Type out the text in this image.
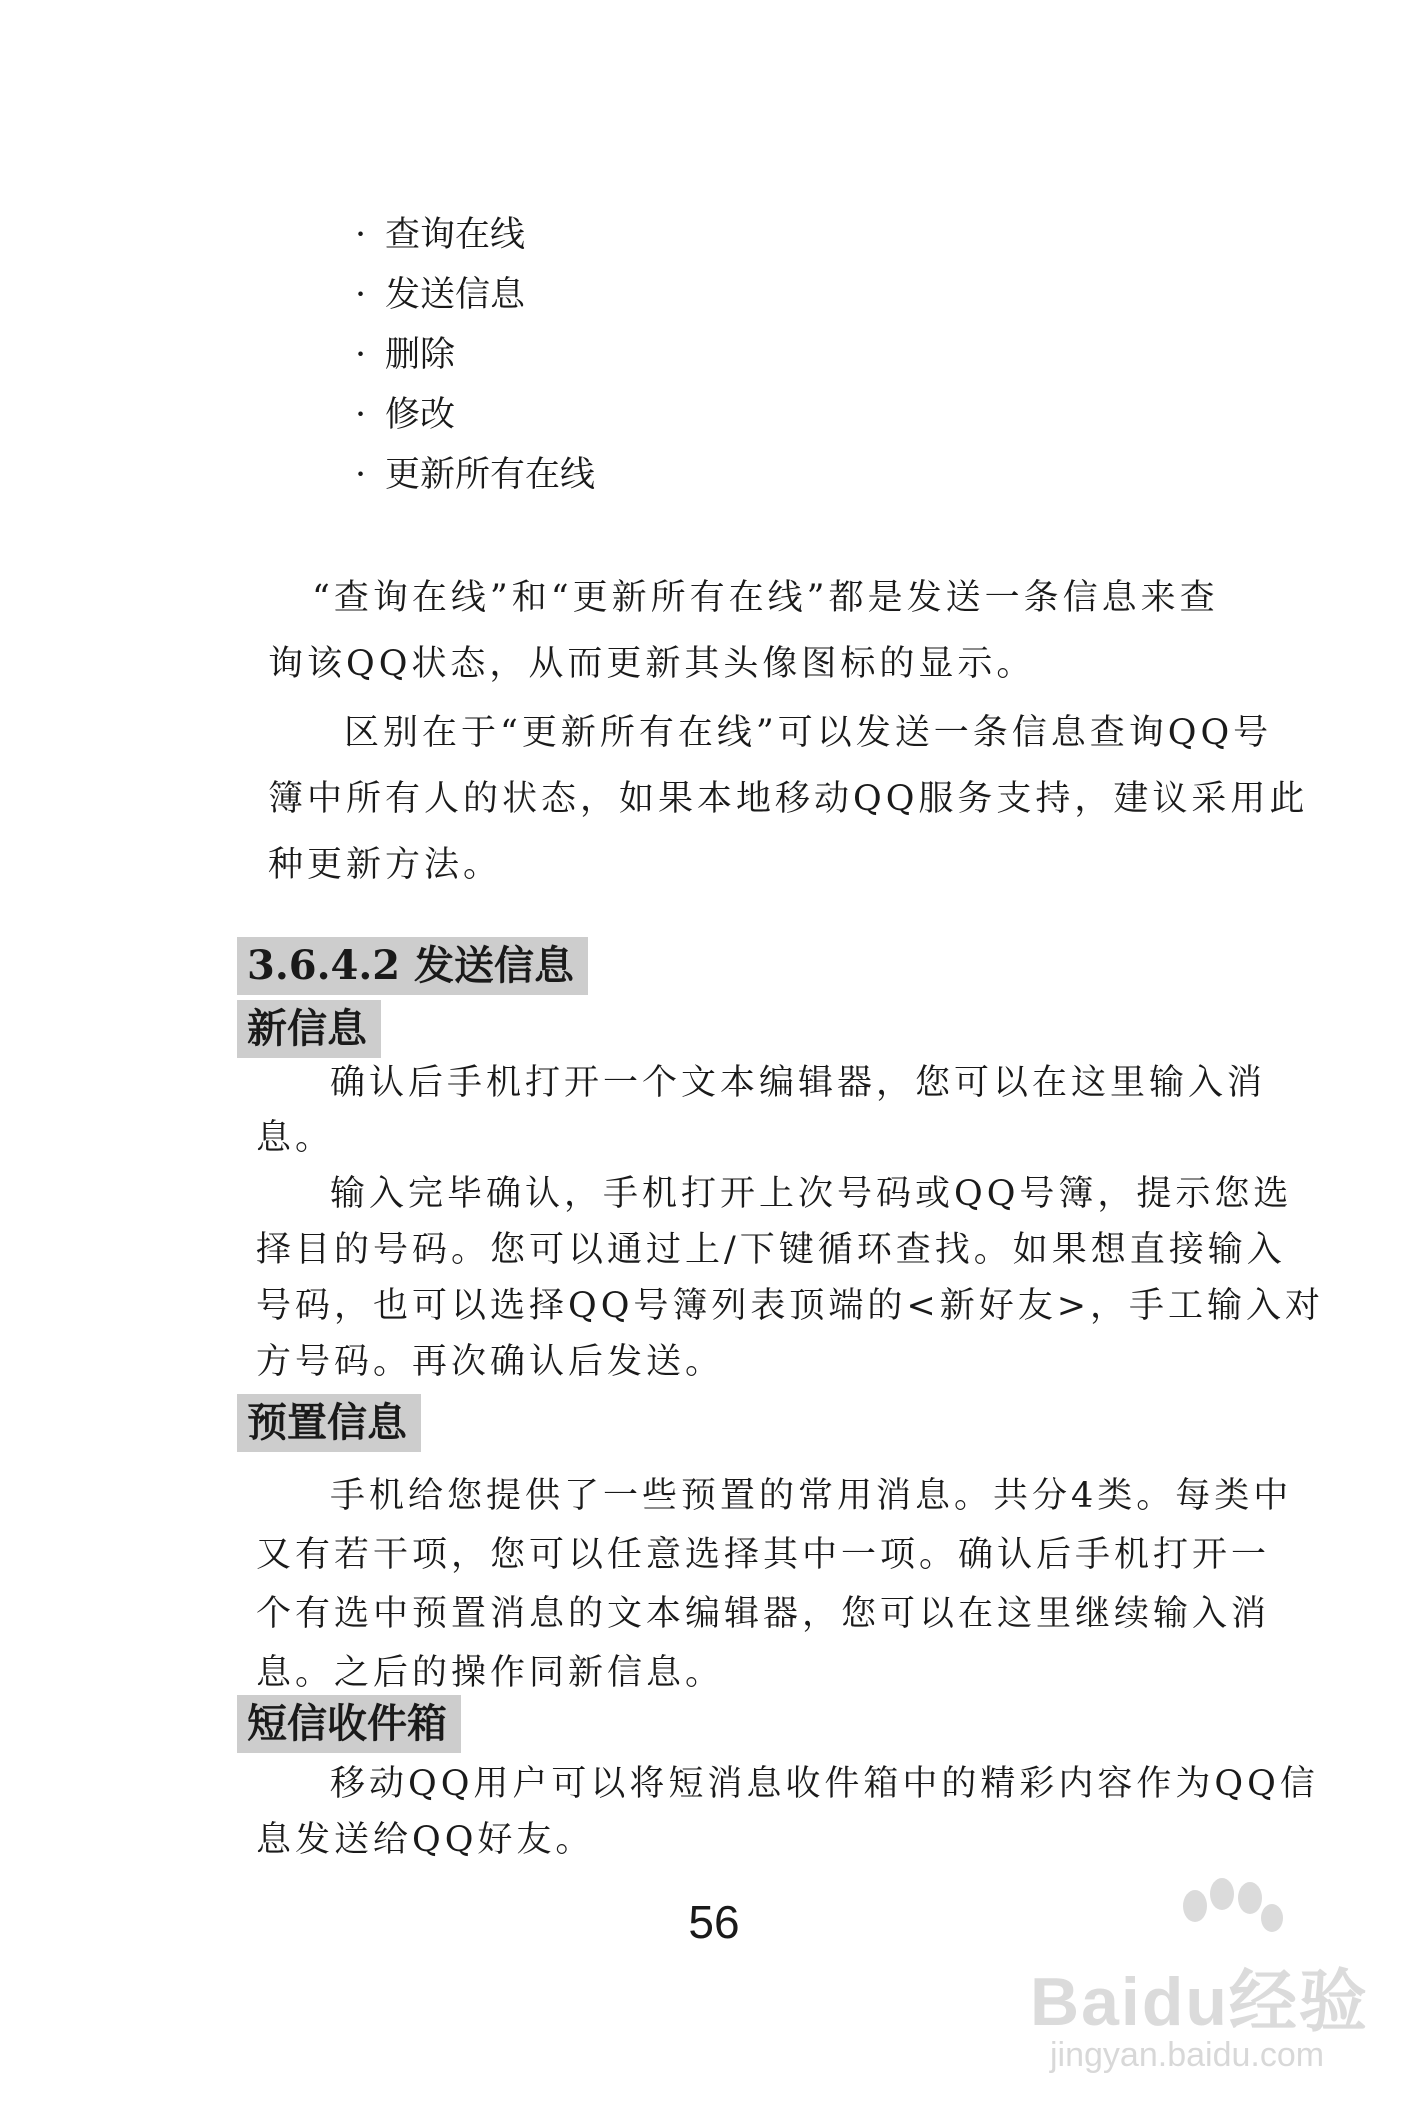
· 查询在线
· 发送信息
· 删除
· 修改
· 更新所有在线
“查询在线”和“更新所有在线”都是发送一条信息来查
询该QQ状态，从而更新其头像图标的显示。
区别在于“更新所有在线”可以发送一条信息查询QQ号
簿中所有人的状态，如果本地移动QQ服务支持，建议采用此
种更新方法。
3.6.4.2 发送信息
新信息
确认后手机打开一个文本编辑器，您可以在这里输入消
息。
输入完毕确认，手机打开上次号码或QQ号簿，提示您选
择目的号码。您可以通过上/下键循环查找。如果想直接输入
号码，也可以选择QQ号簿列表顶端的<新好友>，手工输入对
方号码。再次确认后发送。
预置信息
手机给您提供了一些预置的常用消息。共分4类。每类中
又有若干项，您可以任意选择其中一项。确认后手机打开一
个有选中预置消息的文本编辑器，您可以在这里继续输入消
息。之后的操作同新信息。
短信收件箱
移动QQ用户可以将短消息收件箱中的精彩内容作为QQ信
息发送给QQ好友。
56
Baidu经验
jingyan.baidu.com
